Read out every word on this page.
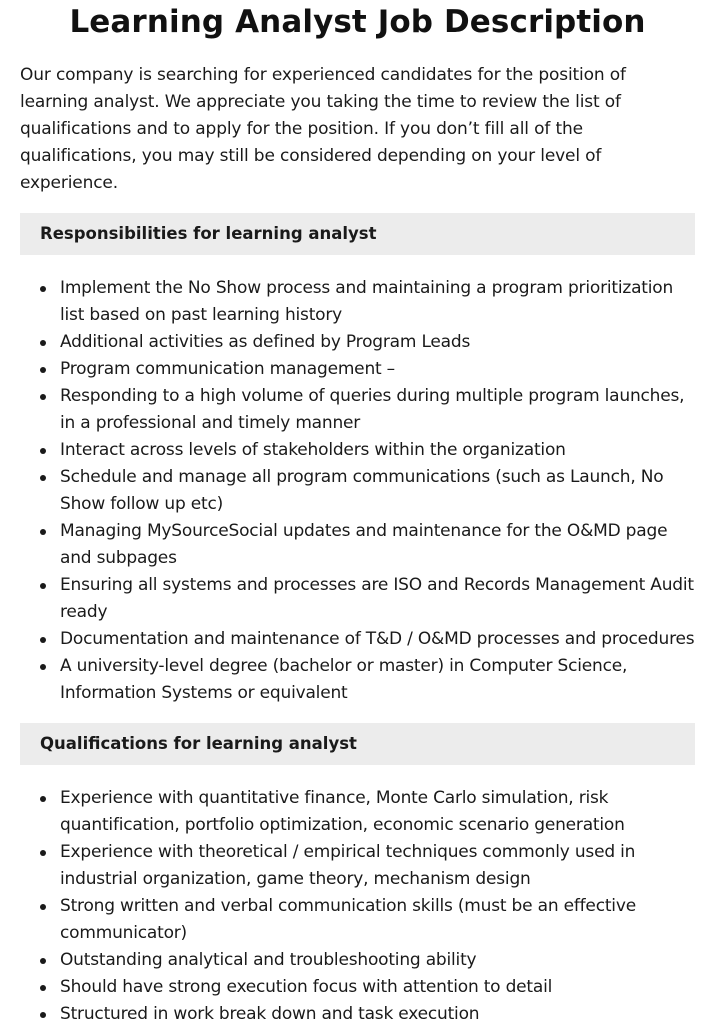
Learning Analyst Job Description

Our company is searching for experienced candidates for the position of learning analyst. We appreciate you taking the time to review the list of qualifications and to apply for the position. If you don’t fill all of the qualifications, you may still be considered depending on your level of experience.

Responsibilities for learning analyst
Implement the No Show process and maintaining a program prioritization list based on past learning history
Additional activities as defined by Program Leads
Program communication management –
Responding to a high volume of queries during multiple program launches, in a professional and timely manner
Interact across levels of stakeholders within the organization
Schedule and manage all program communications (such as Launch, No Show follow up etc)
Managing MySourceSocial updates and maintenance for the O&MD page and subpages
Ensuring all systems and processes are ISO and Records Management Audit ready
Documentation and maintenance of T&D / O&MD processes and procedures
A university-level degree (bachelor or master) in Computer Science, Information Systems or equivalent
Qualifications for learning analyst
Experience with quantitative finance, Monte Carlo simulation, risk quantification, portfolio optimization, economic scenario generation
Experience with theoretical / empirical techniques commonly used in industrial organization, game theory, mechanism design
Strong written and verbal communication skills (must be an effective communicator)
Outstanding analytical and troubleshooting ability
Should have strong execution focus with attention to detail
Structured in work break down and task execution
